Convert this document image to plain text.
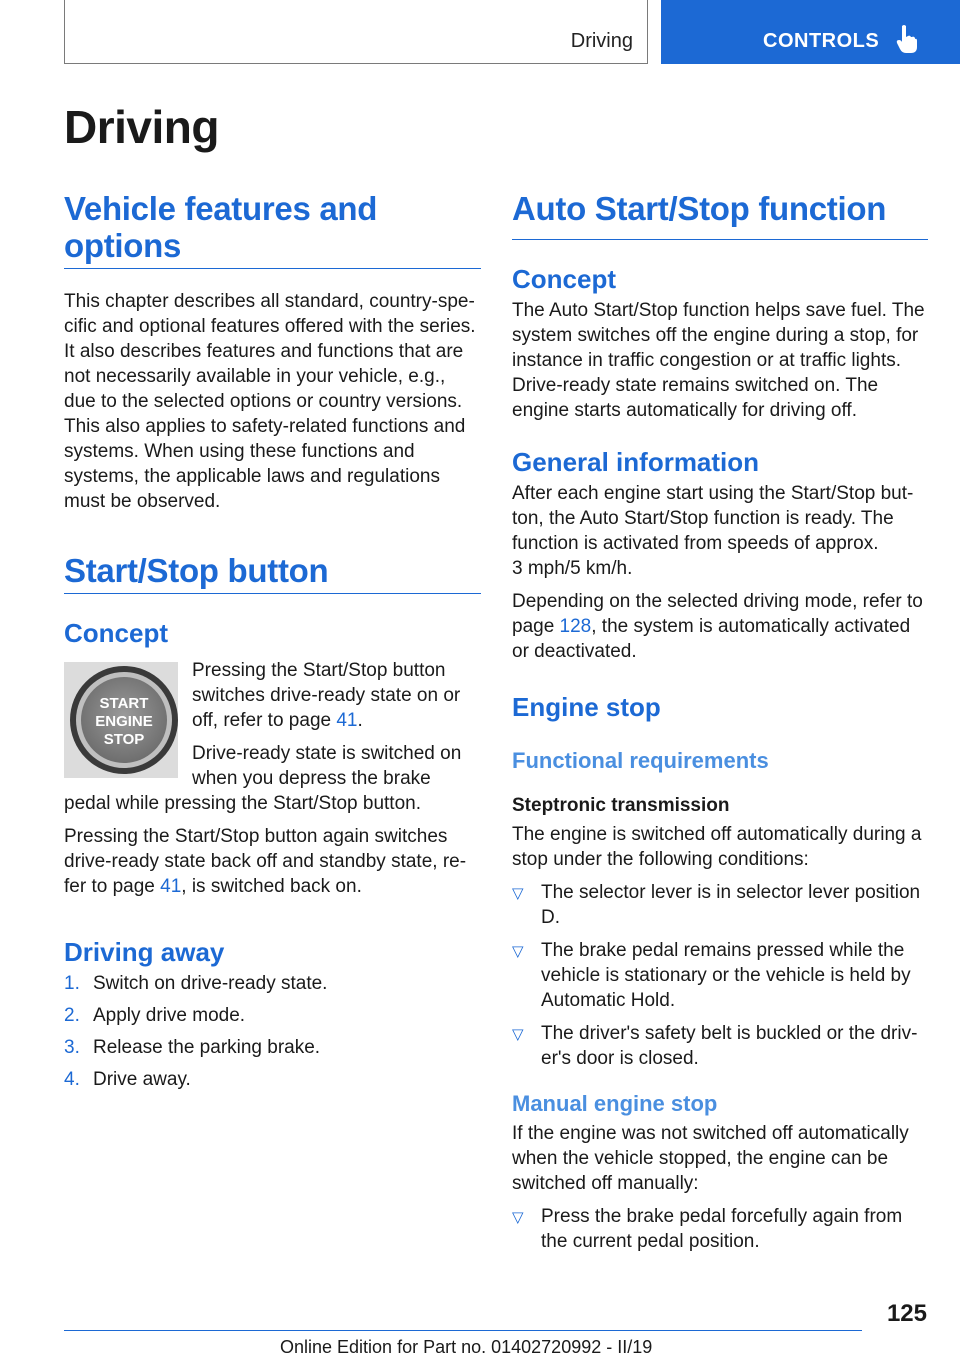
Driving	CONTROLS
Driving
Vehicle features and options

This chapter describes all standard, country-specific and optional features offered with the series. It also describes features and functions that are not necessarily available in your vehicle, e.g., due to the selected options or country versions. This also applies to safety-related functions and systems. When using these functions and systems, the applicable laws and regulations must be observed.

Start/Stop button
Concept
START
ENGINE
STOP

Pressing the Start/Stop button switches drive-ready state on or off, refer to page 41.

Drive-ready state is switched on when you depress the brake pedal while pressing the Start/Stop button.

Pressing the Start/Stop button again switches drive-ready state back off and standby state, refer to page 41, is switched back on.

Driving away
1. Switch on drive-ready state.
2. Apply drive mode.
3. Release the parking brake.
4. Drive away.
Auto Start/Stop function
Concept

The Auto Start/Stop function helps save fuel. The system switches off the engine during a stop, for instance in traffic congestion or at traffic lights. Drive-ready state remains switched on. The engine starts automatically for driving off.

General information

After each engine start using the Start/Stop button, the Auto Start/Stop function is ready. The function is activated from speeds of approx.

3 mph/5 km/h.

Depending on the selected driving mode, refer to page 128, the system is automatically activated or deactivated.

Engine stop
Functional requirements
Steptronic transmission

The engine is switched off automatically during a stop under the following conditions:

▽ The selector lever is in selector lever position D.
▽ The brake pedal remains pressed while the vehicle is stationary or the vehicle is held by Automatic Hold.
▽ The driver's safety belt is buckled or the driver's door is closed.
Manual engine stop

If the engine was not switched off automatically when the vehicle stopped, the engine can be switched off manually:

▽ Press the brake pedal forcefully again from the current pedal position.
125
Online Edition for Part no. 01402720992 - II/19
